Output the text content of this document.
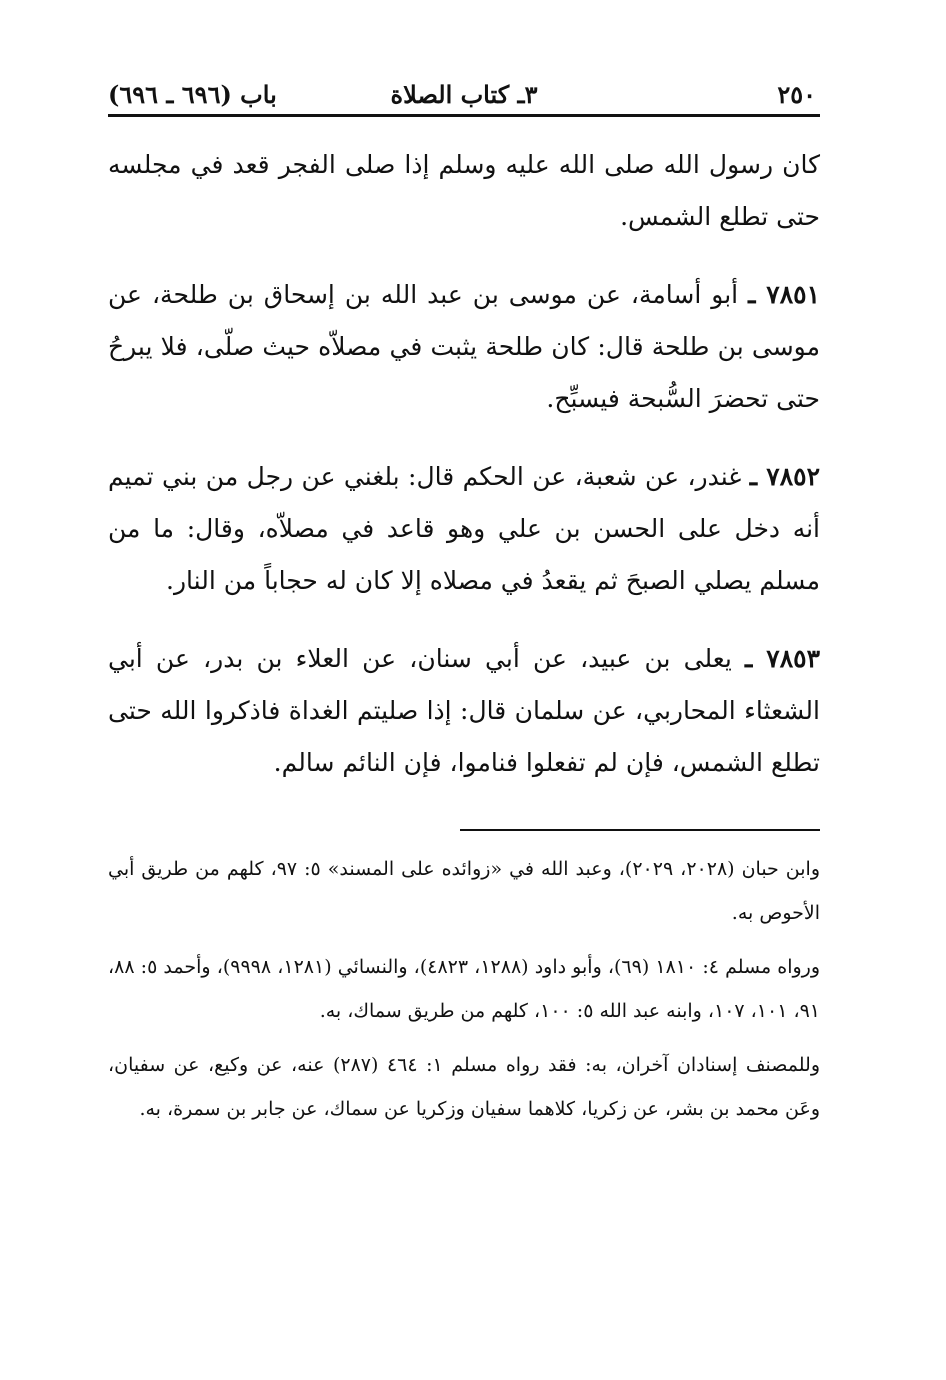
٢٥٠
٣ـ كتاب الصلاة
باب (٦٩٦ ـ ٦٩٦)

كان رسول الله صلى الله عليه وسلم إذا صلى الفجر قعد في مجلسه حتى تطلع الشمس.

٧٨٥١ ـ أبو أسامة، عن موسى بن عبد الله بن إسحاق بن طلحة، عن موسى بن طلحة قال: كان طلحة يثبت في مصلاّه حيث صلّى، فلا يبرحُ حتى تحضرَ السُّبحة فيسبِّح.

٧٨٥٢ ـ غندر، عن شعبة، عن الحكم قال: بلغني عن رجل من بني تميم أنه دخل على الحسن بن علي وهو قاعد في مصلاّه، وقال: ما من مسلم يصلي الصبحَ ثم يقعدُ في مصلاه إلا كان له حجاباً من النار.

٧٨٥٣ ـ يعلى بن عبيد، عن أبي سنان، عن العلاء بن بدر، عن أبي الشعثاء المحاربي، عن سلمان قال: إذا صليتم الغداة فاذكروا الله حتى تطلع الشمس، فإن لم تفعلوا فناموا، فإن النائم سالم.

وابن حبان (٢٠٢٨، ٢٠٢٩)، وعبد الله في «زوائده على المسند» ٥: ٩٧، كلهم من طريق أبي الأحوص به.

ورواه مسلم ٤: ١٨١٠ (٦٩)، وأبو داود (١٢٨٨، ٤٨٢٣)، والنسائي (١٢٨١، ٩٩٩٨)، وأحمد ٥: ٨٨، ٩١، ١٠١، ١٠٧، وابنه عبد الله ٥: ١٠٠، كلهم من طريق سماك، به.

وللمصنف إسنادان آخران، به: فقد رواه مسلم ١: ٤٦٤ (٢٨٧) عنه، عن وكيع، عن سفيان، وعَن محمد بن بشر، عن زكريا، كلاهما سفيان وزكريا عن سماك، عن جابر بن سمرة، به.
